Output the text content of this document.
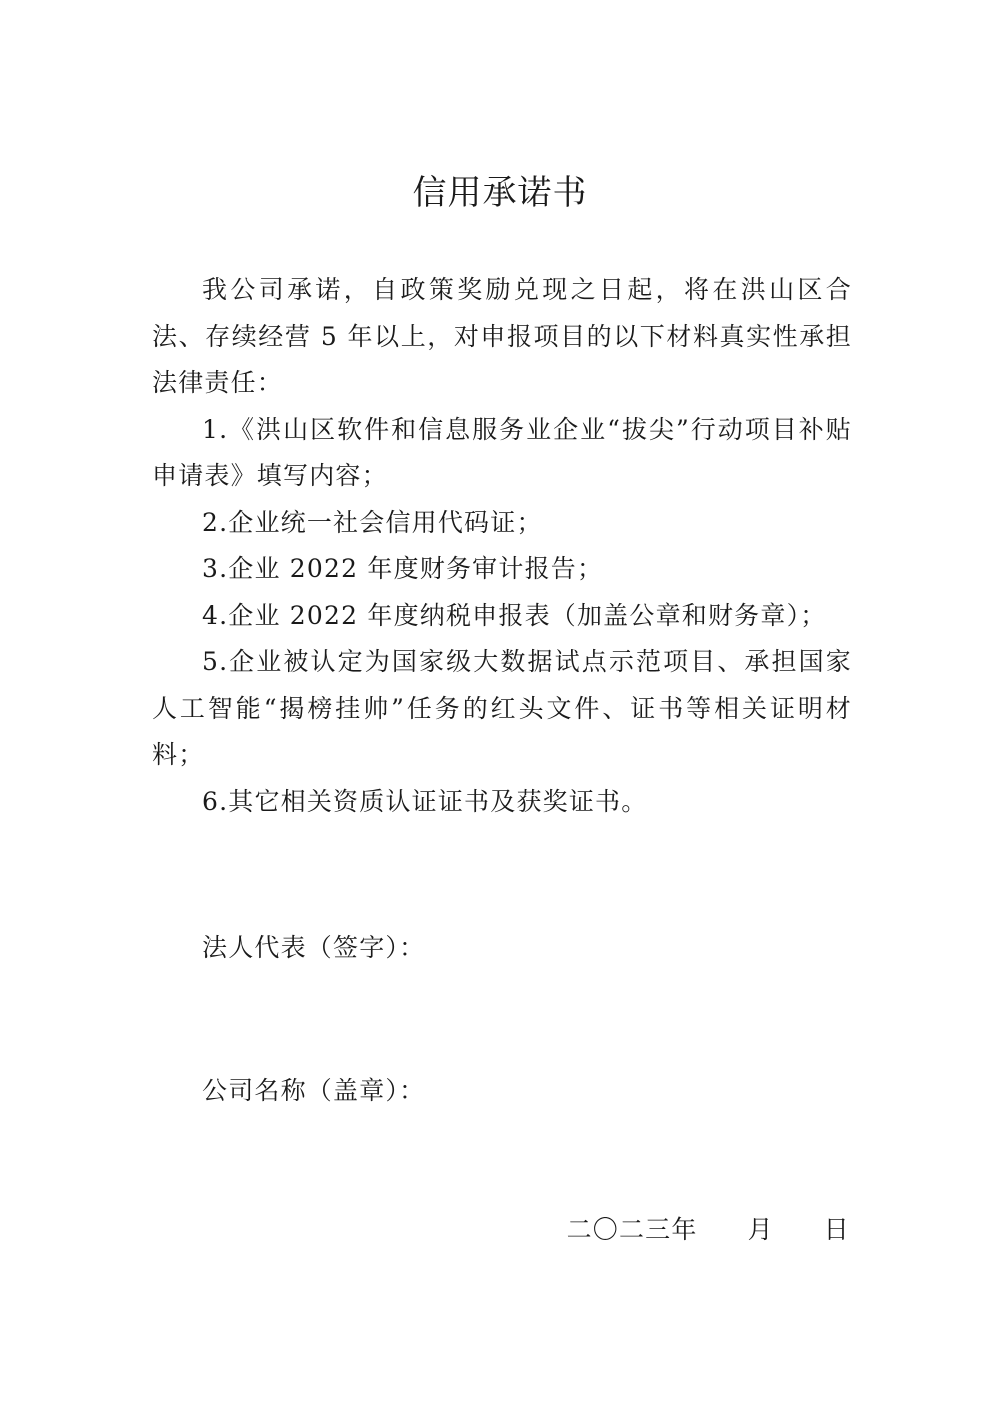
信用承诺书

我公司承诺，自政策奖励兑现之日起，将在洪山区合法、存续经营 5 年以上，对申报项目的以下材料真实性承担法律责任：

1.《洪山区软件和信息服务业企业“拔尖”行动项目补贴申请表》填写内容；

2.企业统一社会信用代码证；

3.企业 2022 年度财务审计报告；

4.企业 2022 年度纳税申报表（加盖公章和财务章）；

5.企业被认定为国家级大数据试点示范项目、承担国家人工智能“揭榜挂帅”任务的红头文件、证书等相关证明材料；

6.其它相关资质认证证书及获奖证书。

法人代表（签字）：

公司名称（盖章）：

二〇二三年 月 日
